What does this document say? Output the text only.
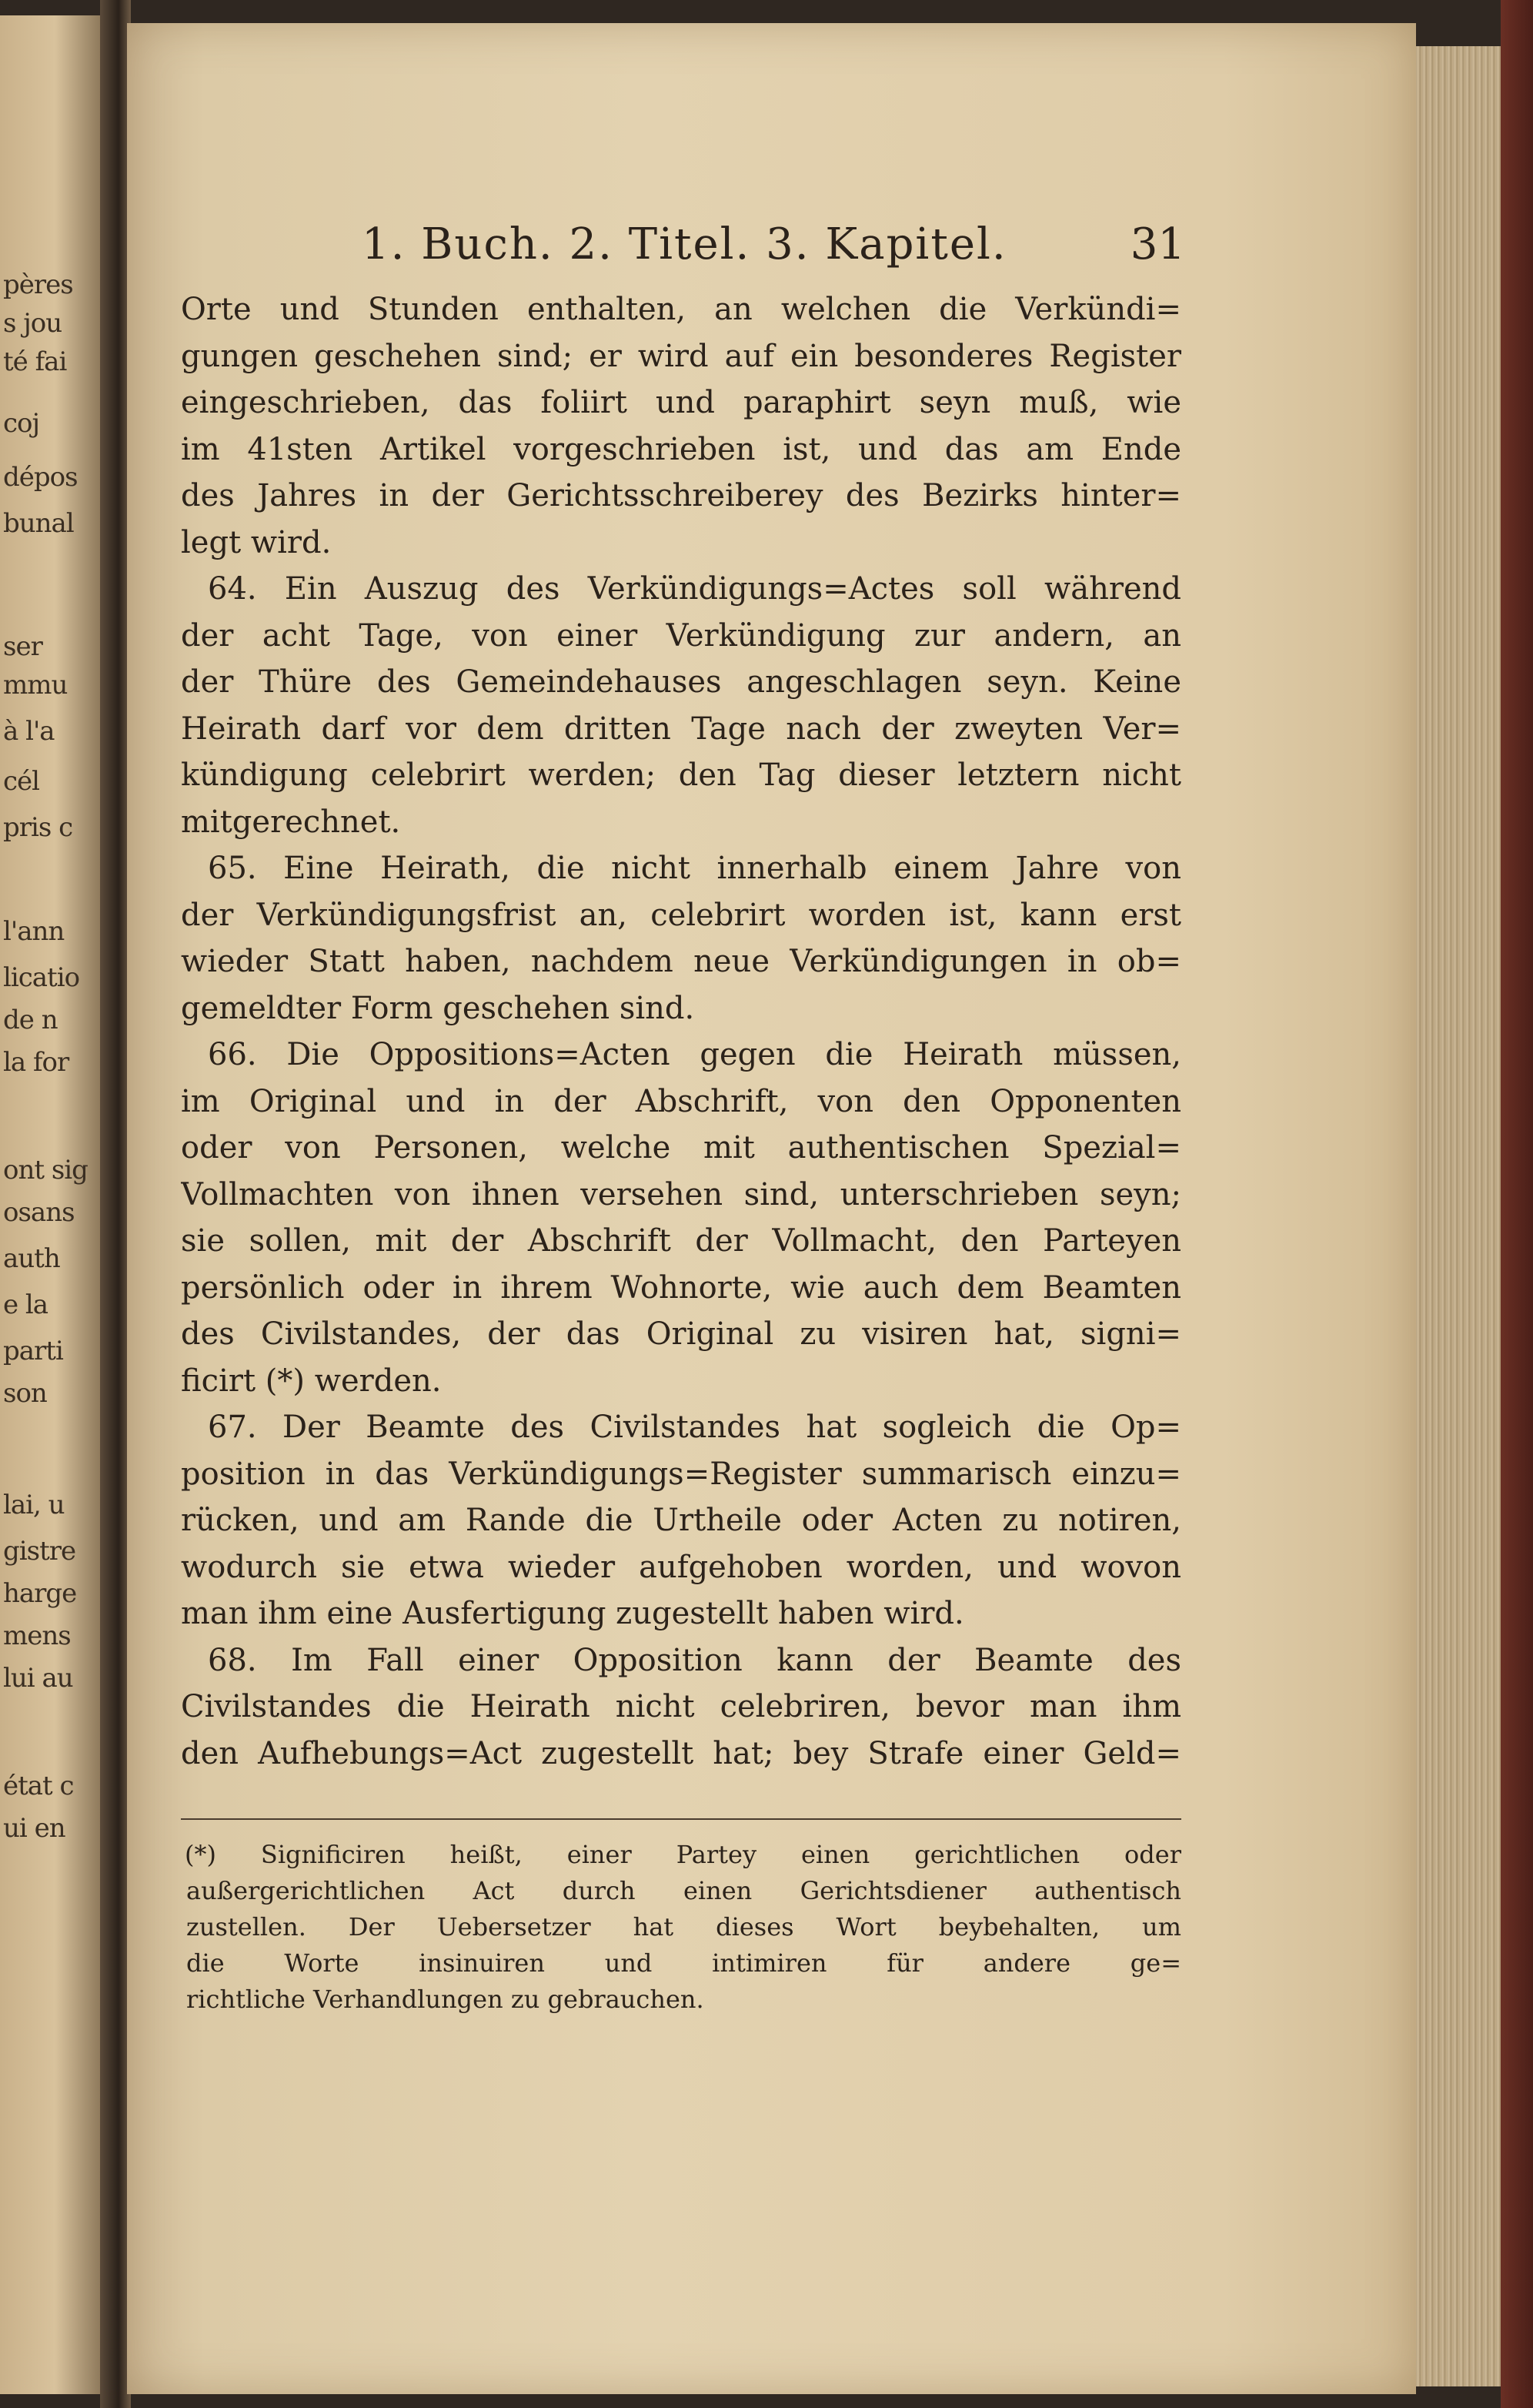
pères
s jou
té fai
coj
dépos
bunal
ser
mmu
à l'a
cél
pris c
l'ann
licatio
de n
la for
ont sig
osans
auth
e la
parti
son
lai, u
gistre
harge
mens
lui au
état c
ui en
1. Buch. 2. Titel. 3. Kapitel.	31
Orte und Stunden enthalten, an welchen die Verkündi=
gungen geschehen sind; er wird auf ein besonderes Register
eingeschrieben, das foliirt und paraphirt seyn muß, wie
im 41sten Artikel vorgeschrieben ist, und das am Ende
des Jahres in der Gerichtsschreiberey des Bezirks hinter=
legt wird.
64. Ein Auszug des Verkündigungs=Actes soll während
der acht Tage, von einer Verkündigung zur andern, an
der Thüre des Gemeindehauses angeschlagen seyn. Keine
Heirath darf vor dem dritten Tage nach der zweyten Ver=
kündigung celebrirt werden; den Tag dieser letztern nicht
mitgerechnet.
65. Eine Heirath, die nicht innerhalb einem Jahre von
der Verkündigungsfrist an, celebrirt worden ist, kann erst
wieder Statt haben, nachdem neue Verkündigungen in ob=
gemeldter Form geschehen sind.
66. Die Oppositions=Acten gegen die Heirath müssen,
im Original und in der Abschrift, von den Opponenten
oder von Personen, welche mit authentischen Spezial=
Vollmachten von ihnen versehen sind, unterschrieben seyn;
sie sollen, mit der Abschrift der Vollmacht, den Parteyen
persönlich oder in ihrem Wohnorte, wie auch dem Beamten
des Civilstandes, der das Original zu visiren hat, signi=
ficirt (*) werden.
67. Der Beamte des Civilstandes hat sogleich die Op=
position in das Verkündigungs=Register summarisch einzu=
rücken, und am Rande die Urtheile oder Acten zu notiren,
wodurch sie etwa wieder aufgehoben worden, und wovon
man ihm eine Ausfertigung zugestellt haben wird.
68. Im Fall einer Opposition kann der Beamte des
Civilstandes die Heirath nicht celebriren, bevor man ihm
den Aufhebungs=Act zugestellt hat; bey Strafe einer Geld=
(*) Significiren heißt, einer Partey einen gerichtlichen oder
außergerichtlichen Act durch einen Gerichtsdiener authentisch
zustellen. Der Uebersetzer hat dieses Wort beybehalten, um
die Worte insinuiren und intimiren für andere ge=
richtliche Verhandlungen zu gebrauchen.
